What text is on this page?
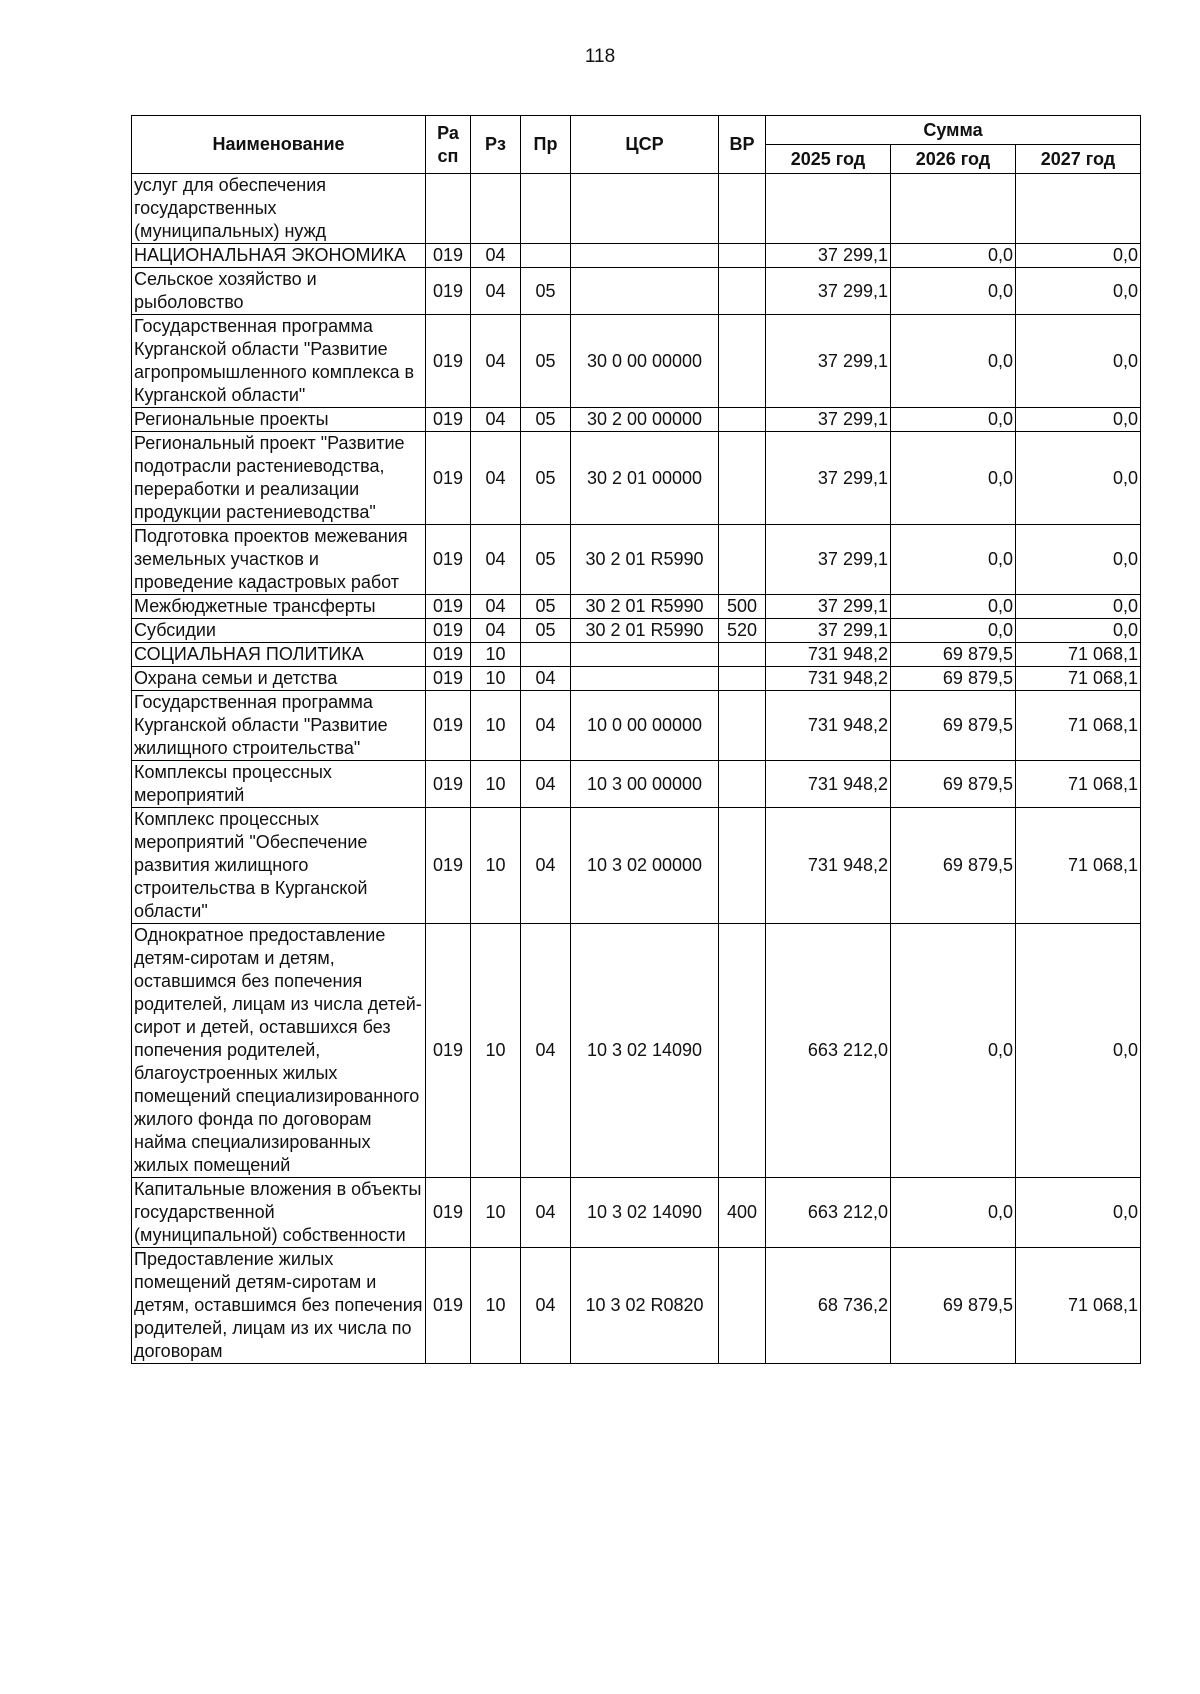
118
Наименование	Ра сп	Рз	Пр	ЦСР	ВР	Сумма		
						2025 год	2026 год	2027 год
услуг для обеспечения государственных (муниципальных) нужд								
НАЦИОНАЛЬНАЯ ЭКОНОМИКА	019	04				37 299,1	0,0	0,0
Сельское хозяйство и рыболовство	019	04	05			37 299,1	0,0	0,0
Государственная программа Курганской области "Развитие агропромышленного комплекса в Курганской области"	019	04	05	30 0 00 00000		37 299,1	0,0	0,0
Региональные проекты	019	04	05	30 2 00 00000		37 299,1	0,0	0,0
Региональный проект "Развитие подотрасли растениеводства, переработки и реализации продукции растениеводства"	019	04	05	30 2 01 00000		37 299,1	0,0	0,0
Подготовка проектов межевания земельных участков и проведение кадастровых работ	019	04	05	30 2 01 R5990		37 299,1	0,0	0,0
Межбюджетные трансферты	019	04	05	30 2 01 R5990	500	37 299,1	0,0	0,0
Субсидии	019	04	05	30 2 01 R5990	520	37 299,1	0,0	0,0
СОЦИАЛЬНАЯ ПОЛИТИКА	019	10				731 948,2	69 879,5	71 068,1
Охрана семьи и детства	019	10	04			731 948,2	69 879,5	71 068,1
Государственная программа Курганской области "Развитие жилищного строительства"	019	10	04	10 0 00 00000		731 948,2	69 879,5	71 068,1
Комплексы процессных мероприятий	019	10	04	10 3 00 00000		731 948,2	69 879,5	71 068,1
Комплекс процессных мероприятий "Обеспечение развития жилищного строительства в Курганской области"	019	10	04	10 3 02 00000		731 948,2	69 879,5	71 068,1
Однократное предоставление детям-сиротам и детям, оставшимся без попечения родителей, лицам из числа детей-сирот и детей, оставшихся без попечения родителей, благоустроенных жилых помещений специализированного жилого фонда по договорам найма специализированных жилых помещений	019	10	04	10 3 02 14090		663 212,0	0,0	0,0
Капитальные вложения в объекты государственной (муниципальной) собственности	019	10	04	10 3 02 14090	400	663 212,0	0,0	0,0
Предоставление жилых помещений детям-сиротам и детям, оставшимся без попечения родителей, лицам из их числа по договорам	019	10	04	10 3 02 R0820		68 736,2	69 879,5	71 068,1
